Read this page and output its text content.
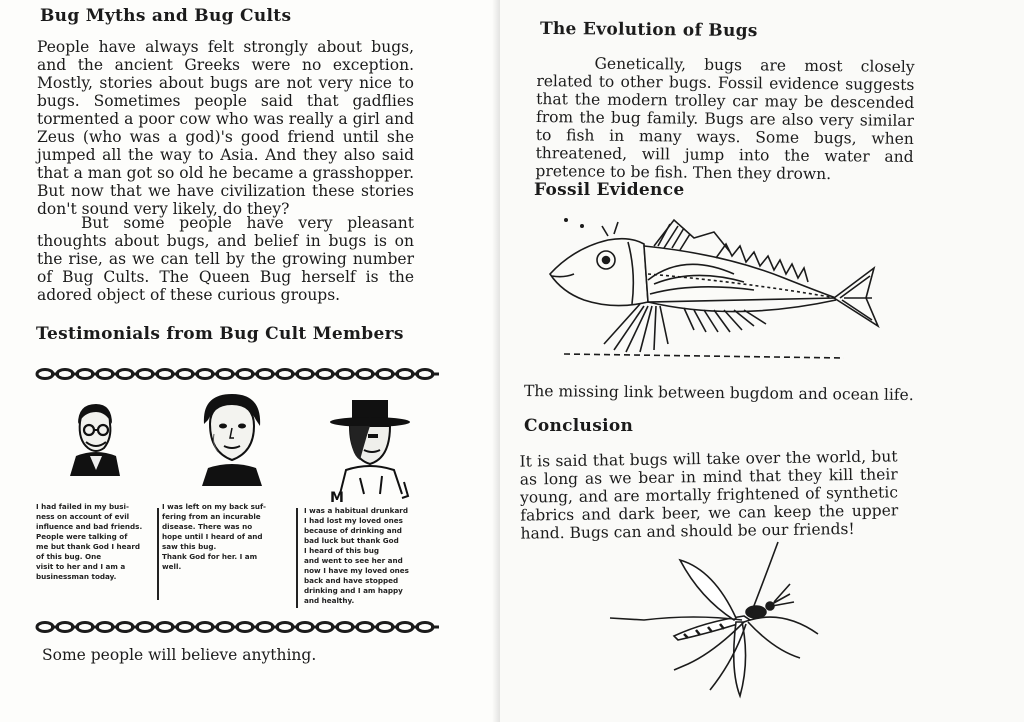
Bug Myths and Bug Cults

People have always felt strongly about bugs, and the ancient Greeks were no exception. Mostly, stories about bugs are not very nice to bugs. Sometimes people said that gadflies tormented a poor cow who was really a girl and Zeus (who was a god)'s good friend until she jumped all the way to Asia. And they also said that a man got so old he became a grasshopper. But now that we have civilization these stories don't sound very likely, do they?

But some people have very pleasant thoughts about bugs, and belief in bugs is on the rise, as we can tell by the growing number of Bug Cults. The Queen Bug herself is the adored object of these curious groups.

Testimonials from Bug Cult Members
M

I had failed in my busi-
ness on account of evil
influence and bad friends.
People were talking of
me but thank God I heard
of this bug. One
visit to her and I am a
businessman today.

I was left on my back suf-
fering from an incurable
disease. There was no
hope until I heard of and
saw this bug.
Thank God for her. I am
well.

I was a habitual drunkard
I had lost my loved ones
because of drinking and
bad luck but thank God
I heard of this bug
and went to see her and
now I have my loved ones
back and have stopped
drinking and I am happy
and healthy.

Some people will believe anything.

The Evolution of Bugs

Genetically, bugs are most closely related to other bugs. Fossil evidence suggests that the modern trolley car may be descended from the bug family. Bugs are also very similar to fish in many ways. Some bugs, when threatened, will jump into the water and pretence to be fish. Then they drown.

Fossil Evidence

The missing link between bugdom and ocean life.

Conclusion

It is said that bugs will take over the world, but as long as we bear in mind that they kill their young, and are mortally frightened of synthetic fabrics and dark beer, we can keep the upper hand. Bugs can and should be our friends!
